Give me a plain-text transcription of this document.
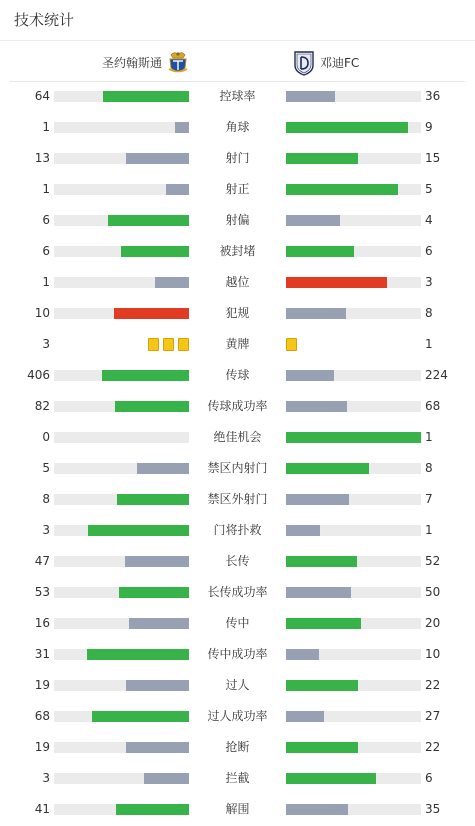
技术统计
圣约翰斯通	邓迪FC
64	控球率	36
1	角球	9
13	射门	15
1	射正	5
6	射偏	4
6	被封堵	6
1	越位	3
10	犯规	8
3	黄牌	1
406	传球	224
82	传球成功率	68
0	绝佳机会	1
5	禁区内射门	8
8	禁区外射门	7
3	门将扑救	1
47	长传	52
53	长传成功率	50
16	传中	20
31	传中成功率	10
19	过人	22
68	过人成功率	27
19	抢断	22
3	拦截	6
41	解围	35
